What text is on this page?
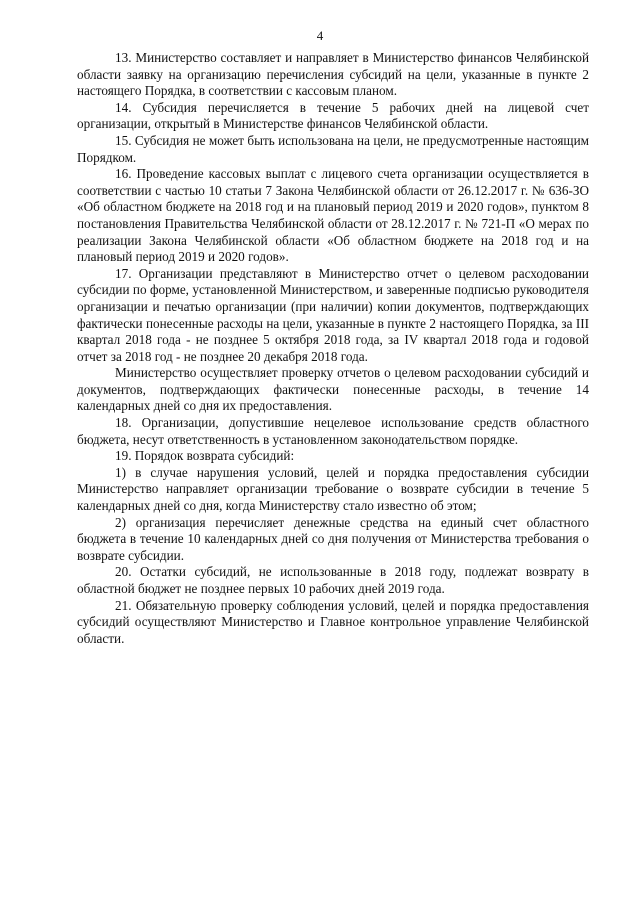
4

13. Министерство составляет и направляет в Министерство финансов Челябинской области заявку на организацию перечисления субсидий на цели, указанные в пункте 2 настоящего Порядка, в соответствии с кассовым планом.

14. Субсидия перечисляется в течение 5 рабочих дней на лицевой счет организации, открытый в Министерстве финансов Челябинской области.

15. Субсидия не может быть использована на цели, не предусмотренные настоящим Порядком.

16. Проведение кассовых выплат с лицевого счета организации осуществляется в соответствии с частью 10 статьи 7 Закона Челябинской области от 26.12.2017 г. № 636-ЗО «Об областном бюджете на 2018 год и на плановый период 2019 и 2020 годов», пунктом 8 постановления Правительства Челябинской области от 28.12.2017 г. № 721-П «О мерах по реализации Закона Челябинской области «Об областном бюджете на 2018 год и на плановый период 2019 и 2020 годов».

17. Организации представляют в Министерство отчет о целевом расходовании субсидии по форме, установленной Министерством, и заверенные подписью руководителя организации и печатью организации (при наличии) копии документов, подтверждающих фактически понесенные расходы на цели, указанные в пункте 2 настоящего Порядка, за III квартал 2018 года - не позднее 5 октября 2018 года, за IV квартал 2018 года и годовой отчет за 2018 год - не позднее 20 декабря 2018 года.

Министерство осуществляет проверку отчетов о целевом расходовании субсидий и документов, подтверждающих фактически понесенные расходы, в течение 14 календарных дней со дня их предоставления.

18. Организации, допустившие нецелевое использование средств областного бюджета, несут ответственность в установленном законодательством порядке.

19. Порядок возврата субсидий:

1) в случае нарушения условий, целей и порядка предоставления субсидии Министерство направляет организации требование о возврате субсидии в течение 5 календарных дней со дня, когда Министерству стало известно об этом;

2) организация перечисляет денежные средства на единый счет областного бюджета в течение 10 календарных дней со дня получения от Министерства требования о возврате субсидии.

20. Остатки субсидий, не использованные в 2018 году, подлежат возврату в областной бюджет не позднее первых 10 рабочих дней 2019 года.

21. Обязательную проверку соблюдения условий, целей и порядка предоставления субсидий осуществляют Министерство и Главное контрольное управление Челябинской области.
